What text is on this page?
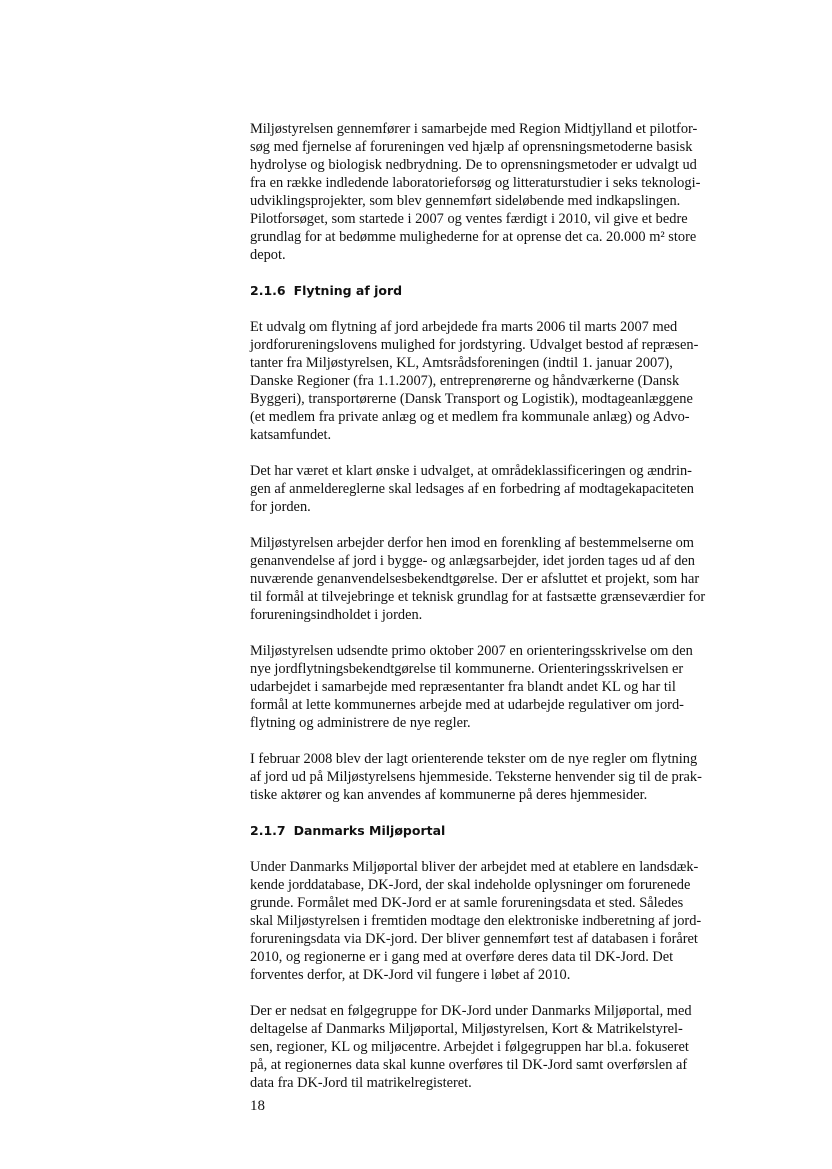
Miljøstyrelsen gennemfører i samarbejde med Region Midtjylland et pilotfor-
søg med fjernelse af forureningen ved hjælp af oprensningsmetoderne basisk
hydrolyse og biologisk nedbrydning. De to oprensningsmetoder er udvalgt ud
fra en række indledende laboratorieforsøg og litteraturstudier i seks teknologi-
udviklingsprojekter, som blev gennemført sideløbende med indkapslingen.
Pilotforsøget, som startede i 2007 og ventes færdigt i 2010, vil give et bedre
grundlag for at bedømme mulighederne for at oprense det ca. 20.000 m² store
depot.
2.1.6 Flytning af jord
Et udvalg om flytning af jord arbejdede fra marts 2006 til marts 2007 med
jordforureningslovens mulighed for jordstyring. Udvalget bestod af repræsen-
tanter fra Miljøstyrelsen, KL, Amtsrådsforeningen (indtil 1. januar 2007),
Danske Regioner (fra 1.1.2007), entreprenørerne og håndværkerne (Dansk
Byggeri), transportørerne (Dansk Transport og Logistik), modtageanlæggene
(et medlem fra private anlæg og et medlem fra kommunale anlæg) og Advo-
katsamfundet.
Det har været et klart ønske i udvalget, at områdeklassificeringen og ændrin-
gen af anmeldereglerne skal ledsages af en forbedring af modtagekapaciteten
for jorden.
Miljøstyrelsen arbejder derfor hen imod en forenkling af bestemmelserne om
genanvendelse af jord i bygge- og anlægsarbejder, idet jorden tages ud af den
nuværende genanvendelsesbekendtgørelse. Der er afsluttet et projekt, som har
til formål at tilvejebringe et teknisk grundlag for at fastsætte grænseværdier for
forureningsindholdet i jorden.
Miljøstyrelsen udsendte primo oktober 2007 en orienteringsskrivelse om den
nye jordflytningsbekendtgørelse til kommunerne. Orienteringsskrivelsen er
udarbejdet i samarbejde med repræsentanter fra blandt andet KL og har til
formål at lette kommunernes arbejde med at udarbejde regulativer om jord-
flytning og administrere de nye regler.
I februar 2008 blev der lagt orienterende tekster om de nye regler om flytning
af jord ud på Miljøstyrelsens hjemmeside. Teksterne henvender sig til de prak-
tiske aktører og kan anvendes af kommunerne på deres hjemmesider.
2.1.7 Danmarks Miljøportal
Under Danmarks Miljøportal bliver der arbejdet med at etablere en landsdæk-
kende jorddatabase, DK-Jord, der skal indeholde oplysninger om forurenede
grunde. Formålet med DK-Jord er at samle forureningsdata et sted. Således
skal Miljøstyrelsen i fremtiden modtage den elektroniske indberetning af jord-
forureningsdata via DK-jord. Der bliver gennemført test af databasen i foråret
2010, og regionerne er i gang med at overføre deres data til DK-Jord. Det
forventes derfor, at DK-Jord vil fungere i løbet af 2010.
Der er nedsat en følgegruppe for DK-Jord under Danmarks Miljøportal, med
deltagelse af Danmarks Miljøportal, Miljøstyrelsen, Kort & Matrikelstyrel-
sen, regioner, KL og miljøcentre. Arbejdet i følgegruppen har bl.a. fokuseret
på, at regionernes data skal kunne overføres til DK-Jord samt overførslen af
data fra DK-Jord til matrikelregisteret.
18
